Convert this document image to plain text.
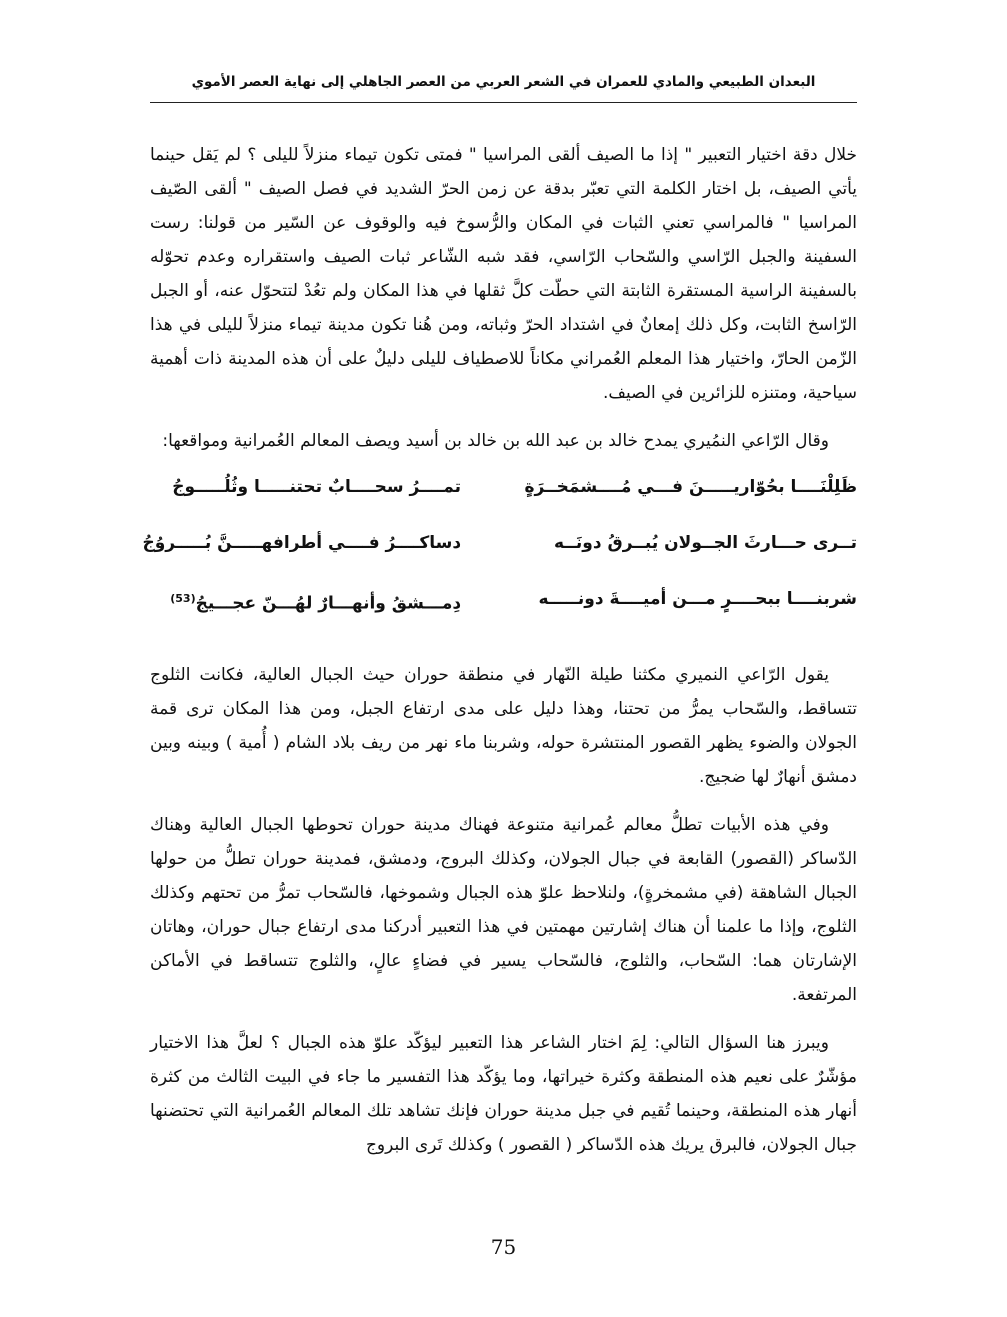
البعدان الطبيعي والمادي للعمران في الشعر العربي من العصر الجاهلي إلى نهاية العصر الأموي

خلال دقة اختيار التعبير " إذا ما الصيف ألقى المراسيا " فمتى تكون تيماء منزلاً لليلى ؟ لم يَقل حينما يأتي الصيف، بل اختار الكلمة التي تعبّر بدقة عن زمن الحرّ الشديد في فصل الصيف " ألقى الصّيف المراسيا " فالمراسي تعني الثبات في المكان والرُّسوخ فيه والوقوف عن السّير من قولنا: رست السفينة والجبل الرّاسي والسّحاب الرّاسي، فقد شبه الشّاعر ثبات الصيف واستقراره وعدم تحوّله بالسفينة الراسية المستقرة الثابتة التي حطّت كلَّ ثقلها في هذا المكان ولم تعُدْ لتتحوّل عنه، أو الجبل الرّاسخ الثابت، وكل ذلك إمعانٌ في اشتداد الحرّ وثباته، ومن هُنا تكون مدينة تيماء منزلاً لليلى في هذا الزّمن الحارّ، واختيار هذا المعلم العُمراني مكاناً للاصطياف لليلى دليلٌ على أن هذه المدينة ذات أهمية سياحية، ومتنزه للزائرين في الصيف.

وقال الرّاعي النمُيري يمدح خالد بن عبد الله بن خالد بن أسيد ويصف المعالم العُمرانية ومواقعها:

ظَلِلْنَــــا بحُوّاريـــــنَ فـــي مُــــشمَخــرَةٍ
تمــــرُ سحــــابٌ تحتنـــــا وثُلُـــــوجُ
تــرى حـــارثَ الجــولان يُبــرقُ دونَــه
دساكــــرُ فــــي أطرافهـــــنَّ بُـــــروُجُ
شربنــــا ببحــــرٍ مـــن أميــــةَ دونـــــه
دِمـــشقُ وأنهـــارٌ لهُـــنّ عجـــيجُ$^{(53)}$

يقول الرّاعي النميري مكثنا طيلة النّهار في منطقة حوران حيث الجبال العالية، فكانت الثلوج تتساقط، والسّحاب يمرُّ من تحتنا، وهذا دليل على مدى ارتفاع الجبل، ومن هذا المكان ترى قمة الجولان والضوء يظهر القصور المنتشرة حوله، وشربنا ماء نهر من ريف بلاد الشام ( أُمية ) وبينه وبين دمشق أنهارٌ لها ضجيج.

وفي هذه الأبيات تطلُّ معالم عُمرانية متنوعة فهناك مدينة حوران تحوطها الجبال العالية وهناك الدّساكر (القصور) القابعة في جبال الجولان، وكذلك البروج، ودمشق، فمدينة حوران تطلُّ من حولها الجبال الشاهقة (في مشمخرةٍ)، ولنلاحظ علوّ هذه الجبال وشموخها، فالسّحاب تمرُّ من تحتهم وكذلك الثلوج، وإذا ما علمنا أن هناك إشارتين مهمتين في هذا التعبير أدركنا مدى ارتفاع جبال حوران، وهاتان الإشارتان هما: السّحاب، والثلوج، فالسّحاب يسير في فضاءٍ عالٍ، والثلوج تتساقط في الأماكن المرتفعة.

ويبرز هنا السؤال التالي: لِمَ اختار الشاعر هذا التعبير ليؤكّد علوّ هذه الجبال ؟ لعلَّ هذا الاختيار مؤشّرٌ على نعيم هذه المنطقة وكثرة خيراتها، وما يؤكّد هذا التفسير ما جاء في البيت الثالث من كثرة أنهار هذه المنطقة، وحينما تُقيم في جبل مدينة حوران فإنك تشاهد تلك المعالم العُمرانية التي تحتضنها جبال الجولان، فالبرق يريك هذه الدّساكر ( القصور ) وكذلك تَرى البروج

75
